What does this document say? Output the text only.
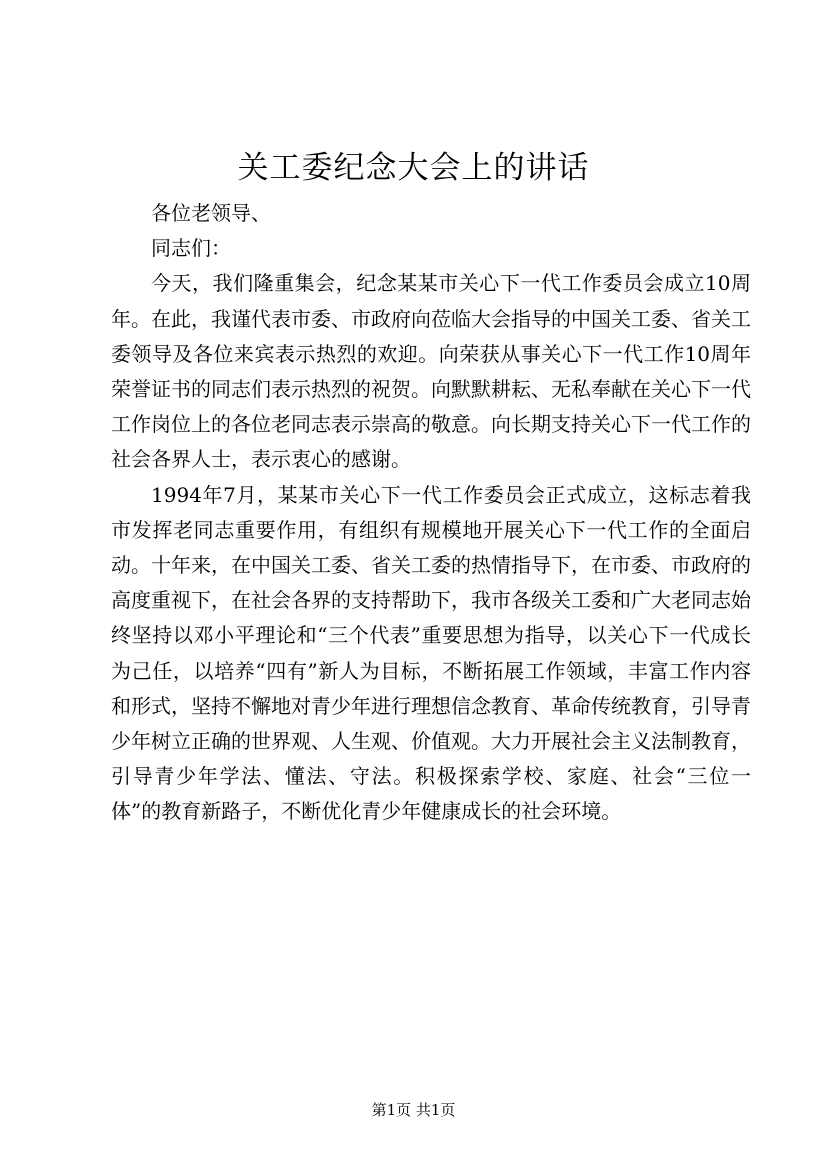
关工委纪念大会上的讲话

各位老领导、

同志们：

今天，我们隆重集会，纪念某某市关心下一代工作委员会成立10周年。在此，我谨代表市委、市政府向莅临大会指导的中国关工委、省关工委领导及各位来宾表示热烈的欢迎。向荣获从事关心下一代工作10周年荣誉证书的同志们表示热烈的祝贺。向默默耕耘、无私奉献在关心下一代工作岗位上的各位老同志表示崇高的敬意。向长期支持关心下一代工作的社会各界人士，表示衷心的感谢。

1994年7月，某某市关心下一代工作委员会正式成立，这标志着我市发挥老同志重要作用，有组织有规模地开展关心下一代工作的全面启动。十年来，在中国关工委、省关工委的热情指导下，在市委、市政府的高度重视下，在社会各界的支持帮助下，我市各级关工委和广大老同志始终坚持以邓小平理论和“三个代表”重要思想为指导，以关心下一代成长为己任，以培养“四有”新人为目标，不断拓展工作领域，丰富工作内容和形式，坚持不懈地对青少年进行理想信念教育、革命传统教育，引导青少年树立正确的世界观、人生观、价值观。大力开展社会主义法制教育，引导青少年学法、懂法、守法。积极探索学校、家庭、社会“三位一体”的教育新路子，不断优化青少年健康成长的社会环境。

第1页 共1页
